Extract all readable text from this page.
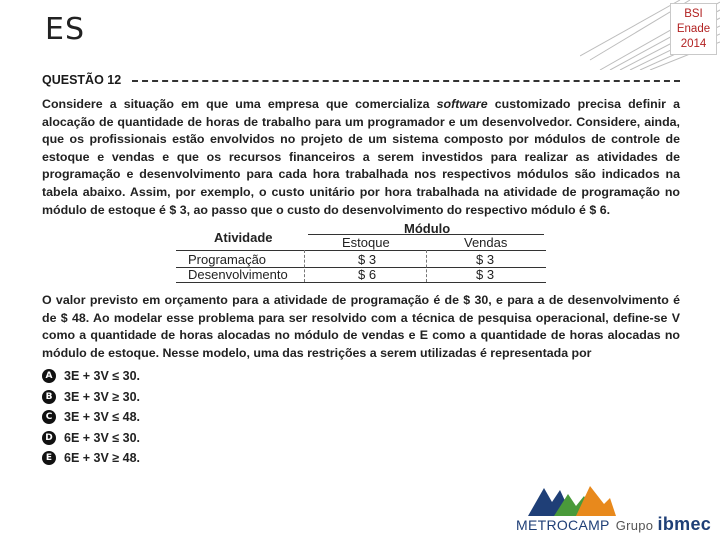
ES	BSI
Enade
2014
QUESTÃO 12
Considere a situação em que uma empresa que comercializa software customizado precisa definir a alocação de quantidade de horas de trabalho para um programador e um desenvolvedor. Considere, ainda, que os profissionais estão envolvidos no projeto de um sistema composto por módulos de controle de estoque e vendas e que os recursos financeiros a serem investidos para realizar as atividades de programação e desenvolvimento para cada hora trabalhada nos respectivos módulos são indicados na tabela abaixo. Assim, por exemplo, o custo unitário por hora trabalhada na atividade de programação no módulo de estoque é $ 3, ao passo que o custo do desenvolvimento do respectivo módulo é $ 6.
Módulo
Atividade	Estoque	Vendas
Programação	$ 3	$ 3
Desenvolvimento	$ 6	$ 3
O valor previsto em orçamento para a atividade de programação é de $ 30, e para a de desenvolvimento é de $ 48. Ao modelar esse problema para ser resolvido com a técnica de pesquisa operacional, define-se V como a quantidade de horas alocadas no módulo de vendas e E como a quantidade de horas alocadas no módulo de estoque. Nesse modelo, uma das restrições a serem utilizadas é representada por
A 3E + 3V ≤ 30.
B 3E + 3V ≥ 30.
C 3E + 3V ≤ 48.
D 6E + 3V ≤ 30.
E 6E + 3V ≥ 48.
METROCAMP Grupo ibmec
